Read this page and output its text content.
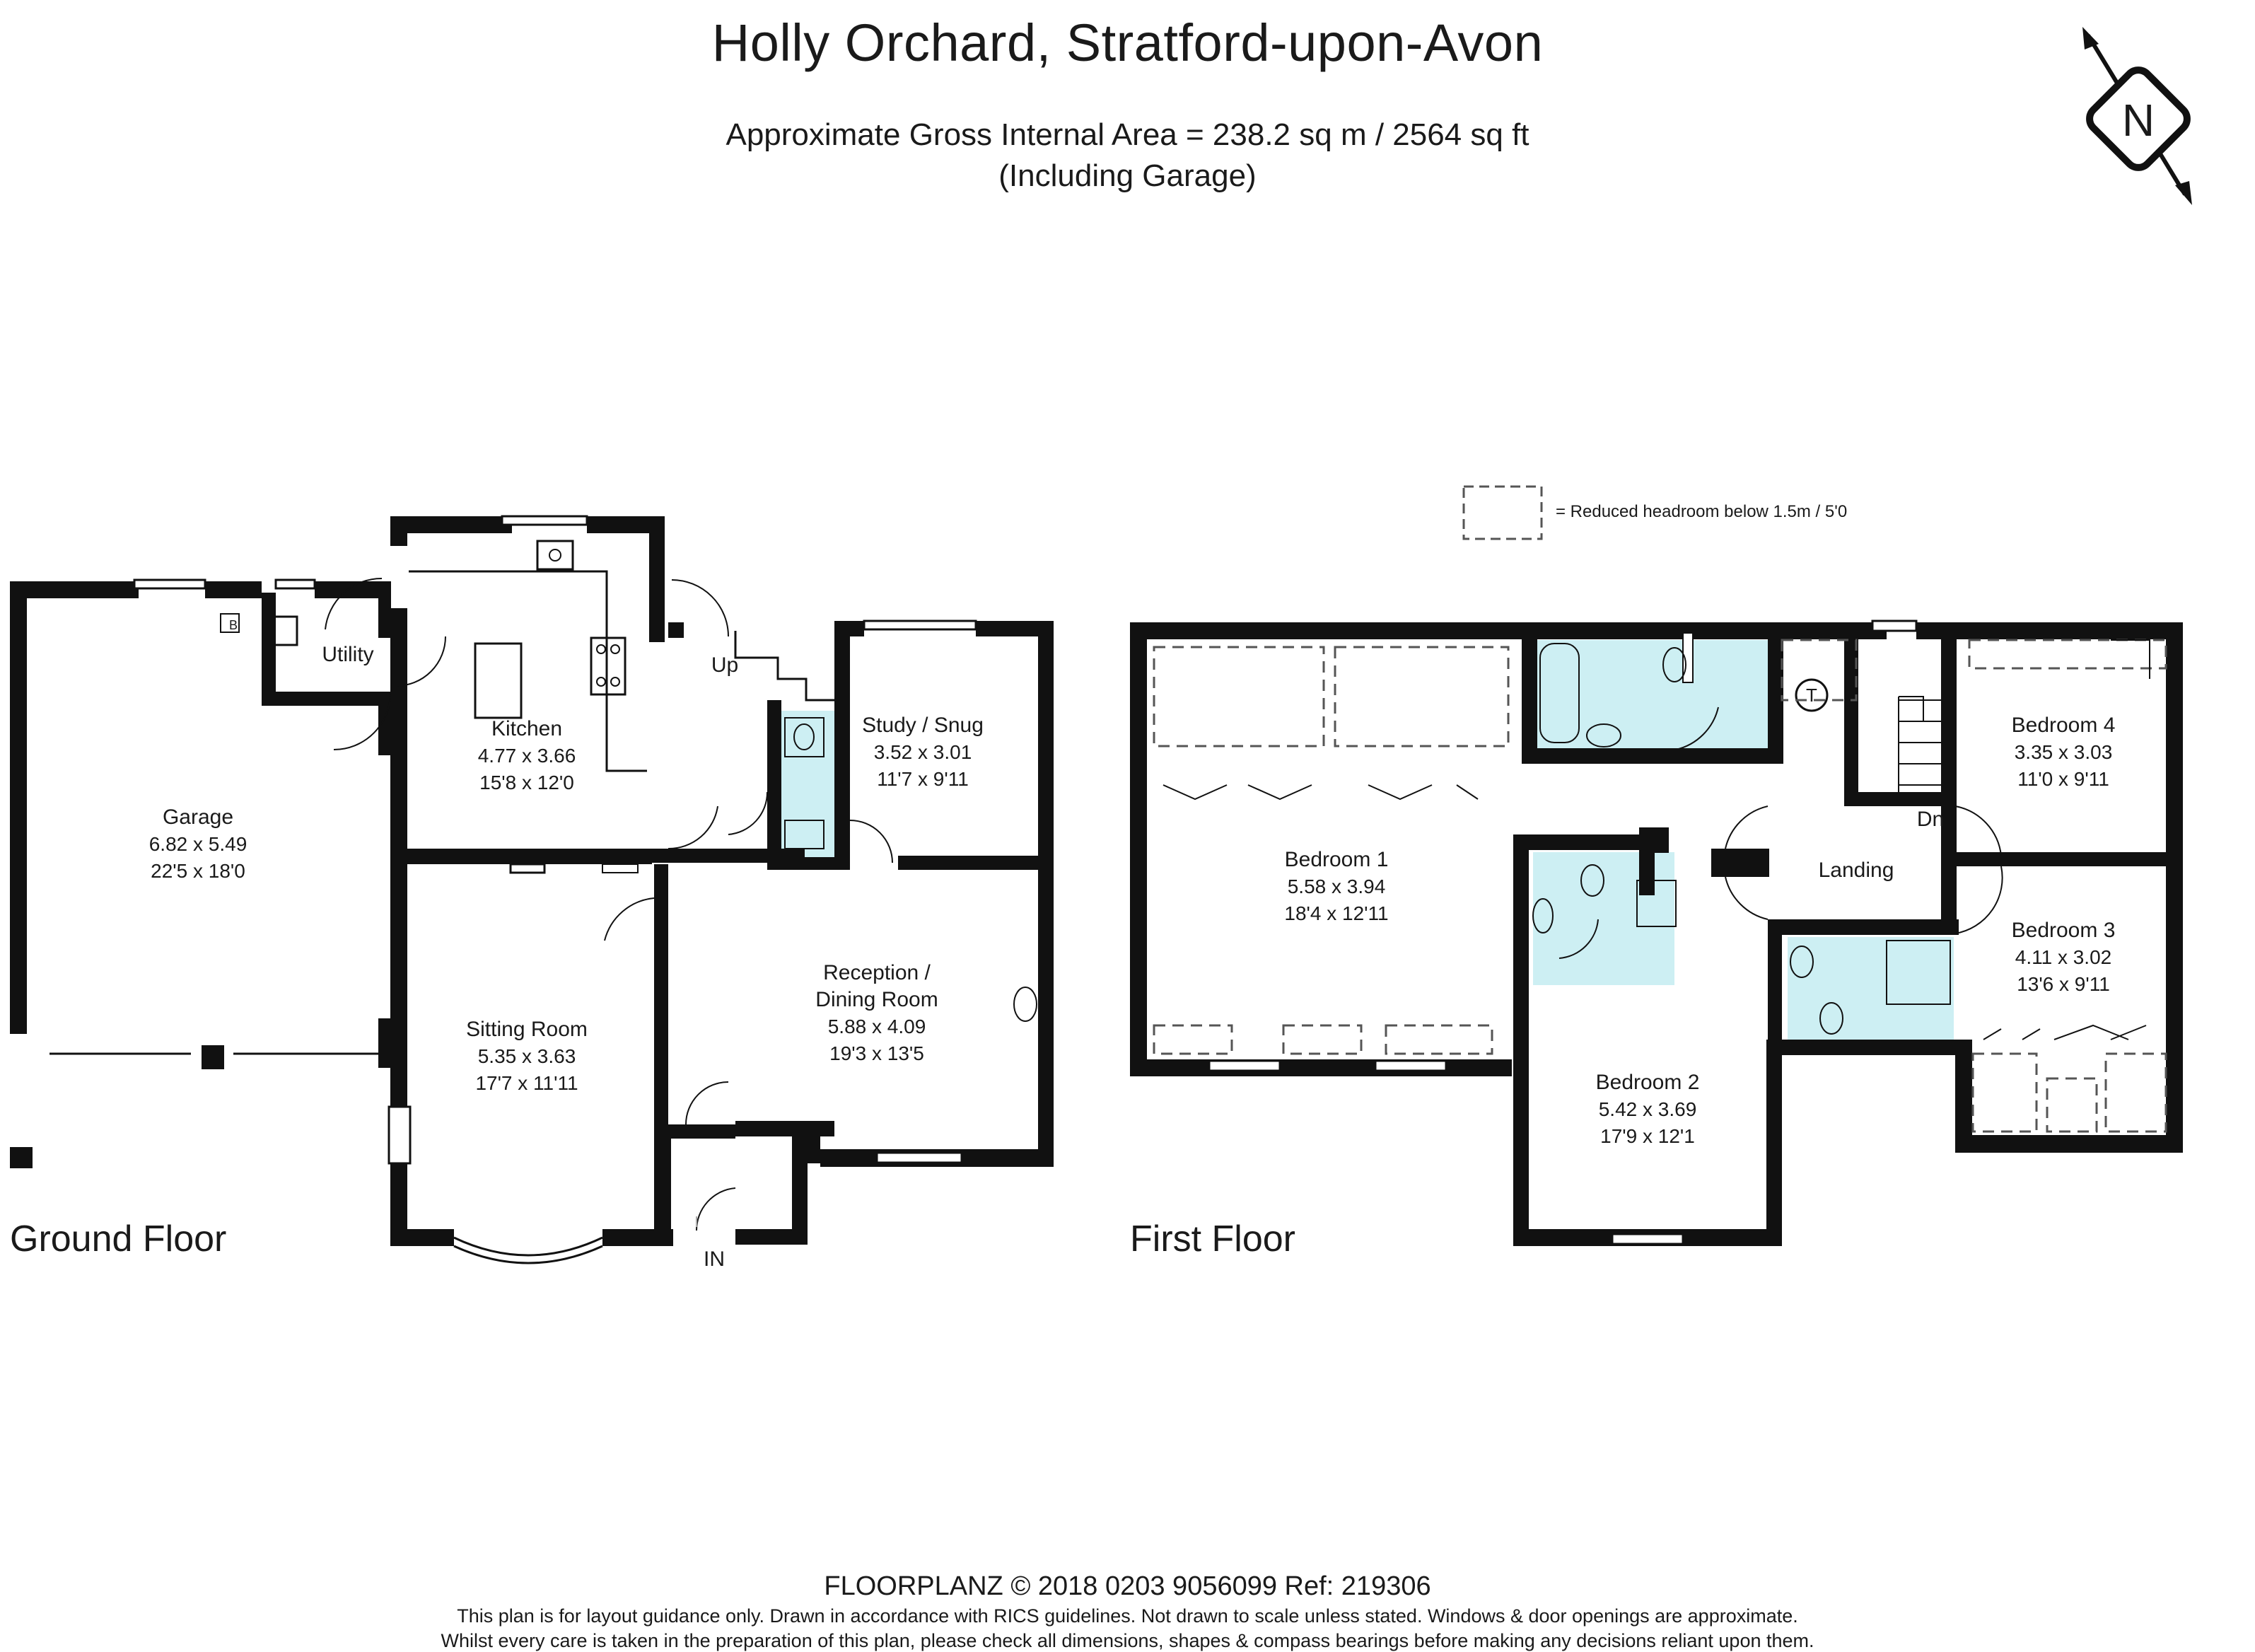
Holly Orchard, Stratford-upon-Avon
Approximate Gross Internal Area = 238.2 sq m / 2564 sq ft
(Including Garage)
N
Garage
6.82 x 5.49
22'5 x 18'0
Utility
B
Kitchen
4.77 x 3.66
15'8 x 12'0
Up
Study / Snug
3.52 x 3.01
11'7 x 9'11
Sitting Room
5.35 x 3.63
17'7 x 11'11
Reception /
Dining Room
5.88 x 4.09
19'3 x 13'5
IN
Bedroom 1
5.58 x 3.94
18'4 x 12'11
Bedroom 2
5.42 x 3.69
17'9 x 12'1
Bedroom 3
4.11 x 3.02
13'6 x 9'11
Bedroom 4
3.35 x 3.03
11'0 x 9'11
Landing
Dn
T
= Reduced headroom below 1.5m / 5'0
Ground Floor	First Floor
FLOORPLANZ © 2018 0203 9056099 Ref: 219306
This plan is for layout guidance only. Drawn in accordance with RICS guidelines. Not drawn to scale unless stated. Windows & door openings are approximate.
Whilst every care is taken in the preparation of this plan, please check all dimensions, shapes & compass bearings before making any decisions reliant upon them.
